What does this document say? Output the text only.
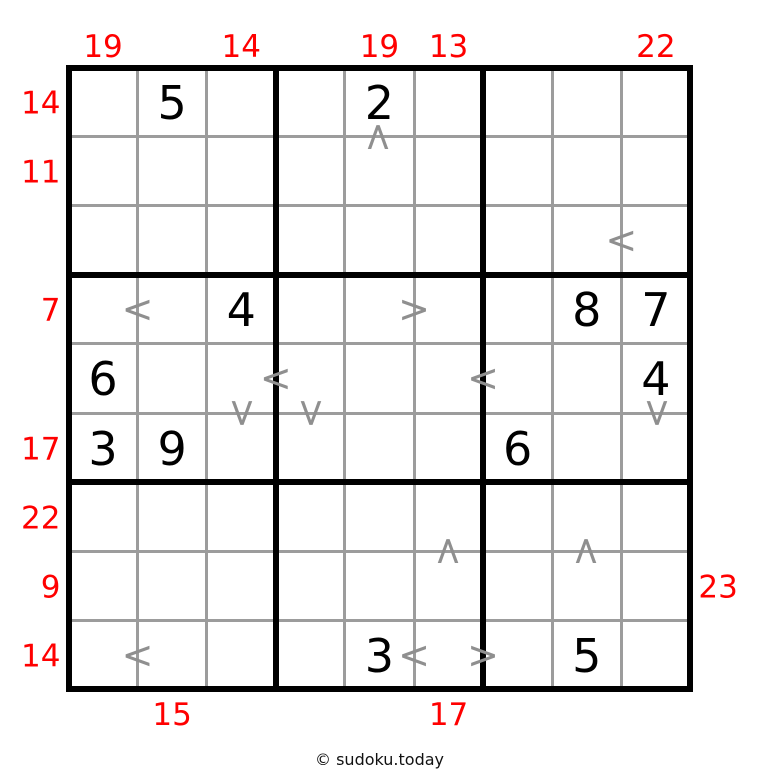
© sudoku.today
5	2
4	8 7
6	4
3 9	6
3	5
<
<
<	>
<	<
< <	<
< <
<	< >
19	14	19 13	22
15	17
14
11
7
17
22
9
14
23
